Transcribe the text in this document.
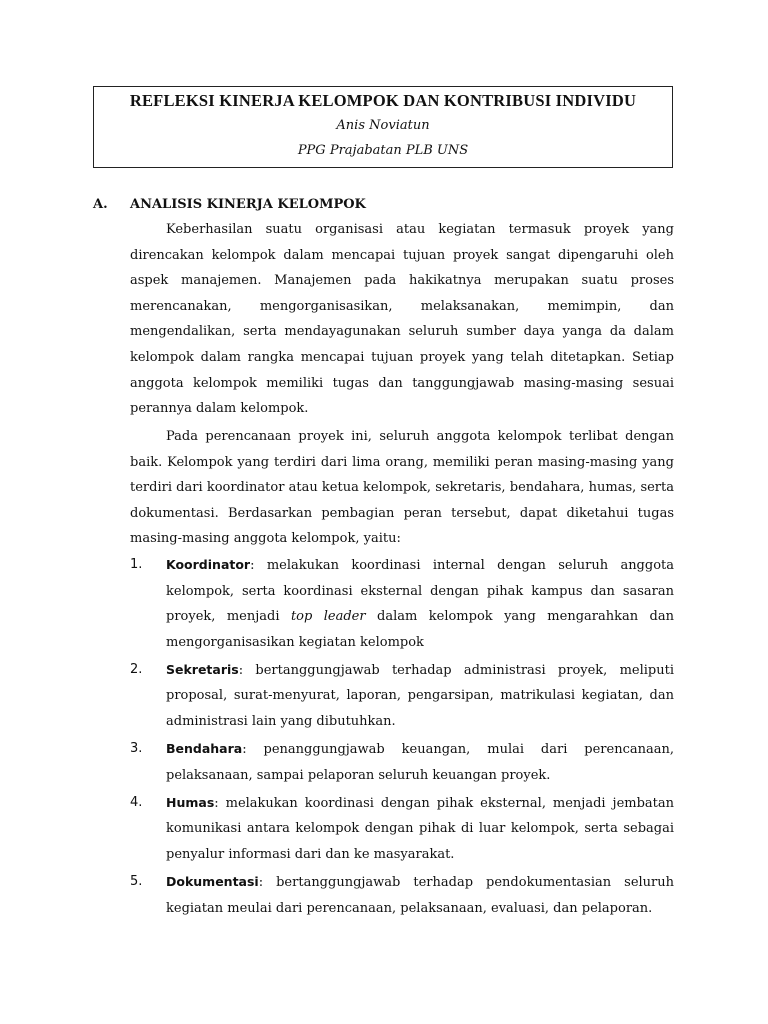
REFLEKSI KINERJA KELOMPOK DAN KONTRIBUSI INDIVIDU
Anis Noviatun
PPG Prajabatan PLB UNS
A. ANALISIS KINERJA KELOMPOK

Keberhasilan suatu organisasi atau kegiatan termasuk proyek yang direncakan kelompok dalam mencapai tujuan proyek sangat dipengaruhi oleh aspek manajemen. Manajemen pada hakikatnya merupakan suatu proses merencanakan, mengorganisasikan, melaksanakan, memimpin, dan mengendalikan, serta mendayagunakan seluruh sumber daya yanga da dalam kelompok dalam rangka mencapai tujuan proyek yang telah ditetapkan. Setiap anggota kelompok memiliki tugas dan tanggungjawab masing-masing sesuai perannya dalam kelompok.

Pada perencanaan proyek ini, seluruh anggota kelompok terlibat dengan baik. Kelompok yang terdiri dari lima orang, memiliki peran masing-masing yang terdiri dari koordinator atau ketua kelompok, sekretaris, bendahara, humas, serta dokumentasi. Berdasarkan pembagian peran tersebut, dapat diketahui tugas masing-masing anggota kelompok, yaitu:

1. Koordinator: melakukan koordinasi internal dengan seluruh anggota kelompok, serta koordinasi eksternal dengan pihak kampus dan sasaran proyek, menjadi top leader dalam kelompok yang mengarahkan dan mengorganisasikan kegiatan kelompok
2. Sekretaris: bertanggungjawab terhadap administrasi proyek, meliputi proposal, surat-menyurat, laporan, pengarsipan, matrikulasi kegiatan, dan administrasi lain yang dibutuhkan.
3. Bendahara: penanggungjawab keuangan, mulai dari perencanaan, pelaksanaan, sampai pelaporan seluruh keuangan proyek.
4. Humas: melakukan koordinasi dengan pihak eksternal, menjadi jembatan komunikasi antara kelompok dengan pihak di luar kelompok, serta sebagai penyalur informasi dari dan ke masyarakat.
5. Dokumentasi: bertanggungjawab terhadap pendokumentasian seluruh kegiatan meulai dari perencanaan, pelaksanaan, evaluasi, dan pelaporan.
